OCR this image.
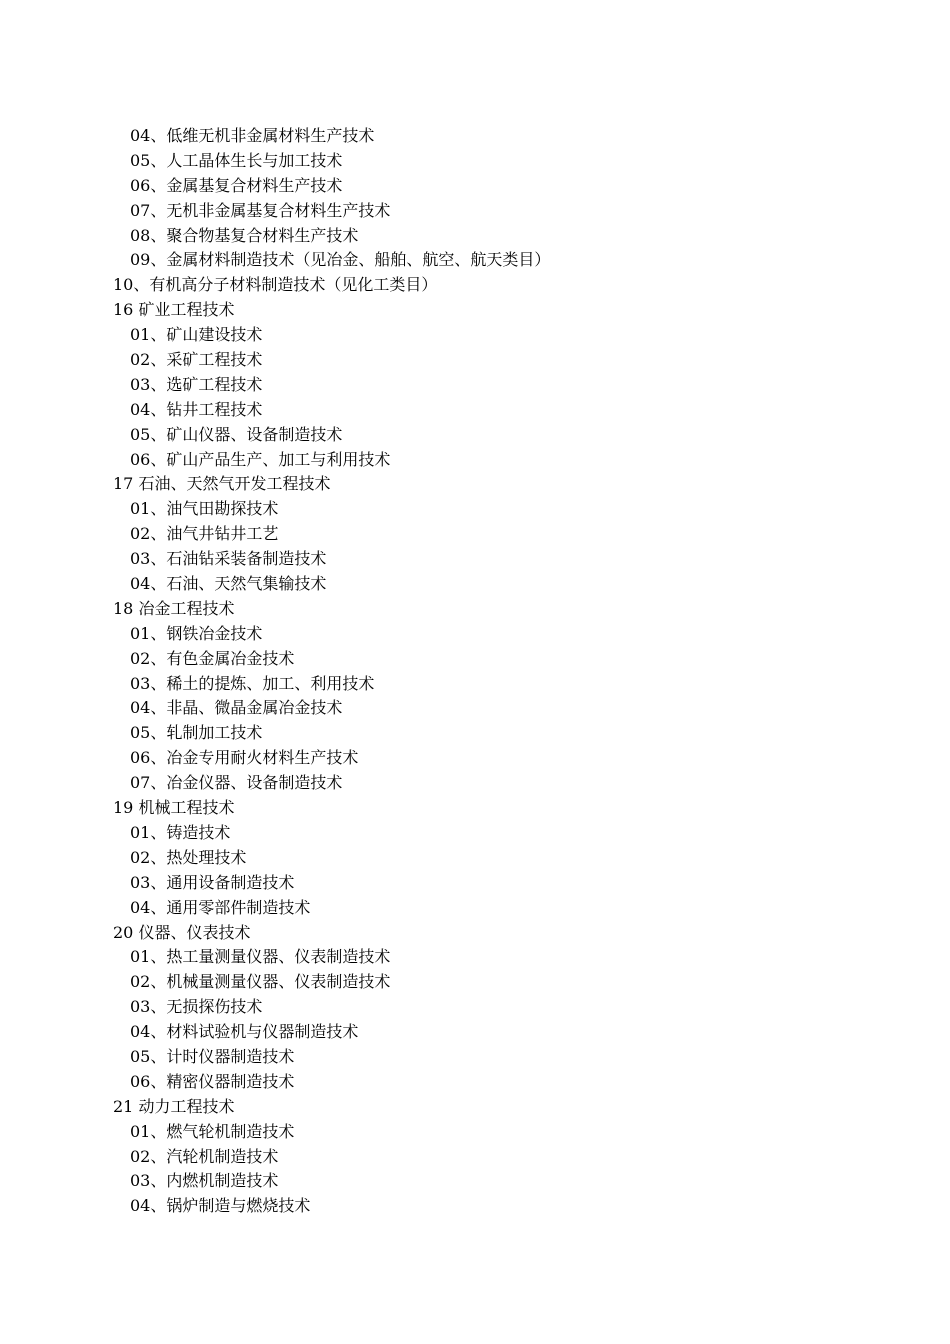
04、低维无机非金属材料生产技术
05、人工晶体生长与加工技术
06、金属基复合材料生产技术
07、无机非金属基复合材料生产技术
08、聚合物基复合材料生产技术
09、金属材料制造技术（见冶金、船舶、航空、航天类目）
10、有机高分子材料制造技术（见化工类目）
16 矿业工程技术
01、矿山建设技术
02、采矿工程技术
03、选矿工程技术
04、钻井工程技术
05、矿山仪器、设备制造技术
06、矿山产品生产、加工与利用技术
17 石油、天然气开发工程技术
01、油气田勘探技术
02、油气井钻井工艺
03、石油钻采装备制造技术
04、石油、天然气集输技术
18 冶金工程技术
01、钢铁冶金技术
02、有色金属冶金技术
03、稀土的提炼、加工、利用技术
04、非晶、微晶金属冶金技术
05、轧制加工技术
06、冶金专用耐火材料生产技术
07、冶金仪器、设备制造技术
19 机械工程技术
01、铸造技术
02、热处理技术
03、通用设备制造技术
04、通用零部件制造技术
20 仪器、仪表技术
01、热工量测量仪器、仪表制造技术
02、机械量测量仪器、仪表制造技术
03、无损探伤技术
04、材料试验机与仪器制造技术
05、计时仪器制造技术
06、精密仪器制造技术
21 动力工程技术
01、燃气轮机制造技术
02、汽轮机制造技术
03、内燃机制造技术
04、锅炉制造与燃烧技术
